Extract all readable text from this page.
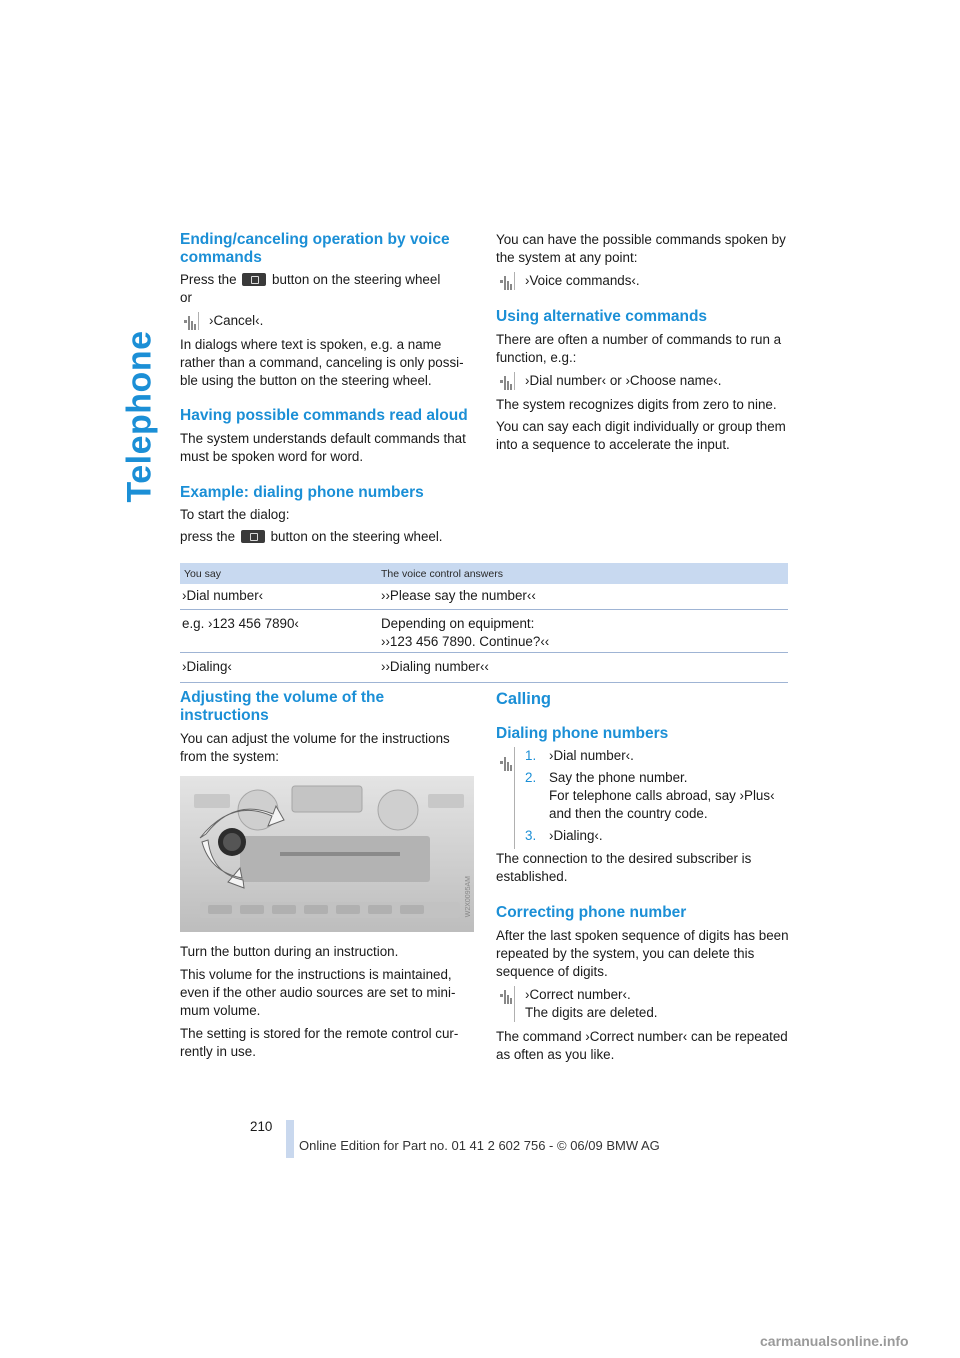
Telephone
Ending/canceling operation by voice commands

Press the	button on the steering wheel
or

›Cancel‹.

In dialogs where text is spoken, e.g. a name rather than a command, canceling is only possi-ble using the button on the steering wheel.

Having possible commands read aloud

The system understands default commands that must be spoken word for word.

Example: dialing phone numbers

To start the dialog:

press the	button on the steering wheel.

You can have the possible commands spoken by the system at any point:

›Voice commands‹.

Using alternative commands

There are often a number of commands to run a function, e.g.:

›Dial number‹ or ›Choose name‹.

The system recognizes digits from zero to nine.

You can say each digit individually or group them into a sequence to accelerate the input.

You say	The voice control answers
›Dial number‹	››Please say the number‹‹
e.g. ›123 456 7890‹	Depending on equipment:
››123 456 7890. Continue?‹‹
›Dialing‹	››Dialing number‹‹
Adjusting the volume of the instructions

You can adjust the volume for the instructions from the system:

W2X0095AM

Turn the button during an instruction.

This volume for the instructions is maintained, even if the other audio sources are set to mini-mum volume.

The setting is stored for the remote control cur-rently in use.

Calling
Dialing phone numbers
1. ›Dial number‹.

2. Say the phone number.

For telephone calls abroad, say ›Plus‹ and then the country code.

3. ›Dialing‹.

The connection to the desired subscriber is established.

Correcting phone number

After the last spoken sequence of digits has been repeated by the system, you can delete this sequence of digits.

›Correct number‹.

The digits are deleted.

The command ›Correct number‹ can be repeated as often as you like.

210
Online Edition for Part no. 01 41 2 602 756 - © 06/09 BMW AG
carmanualsonline.info
